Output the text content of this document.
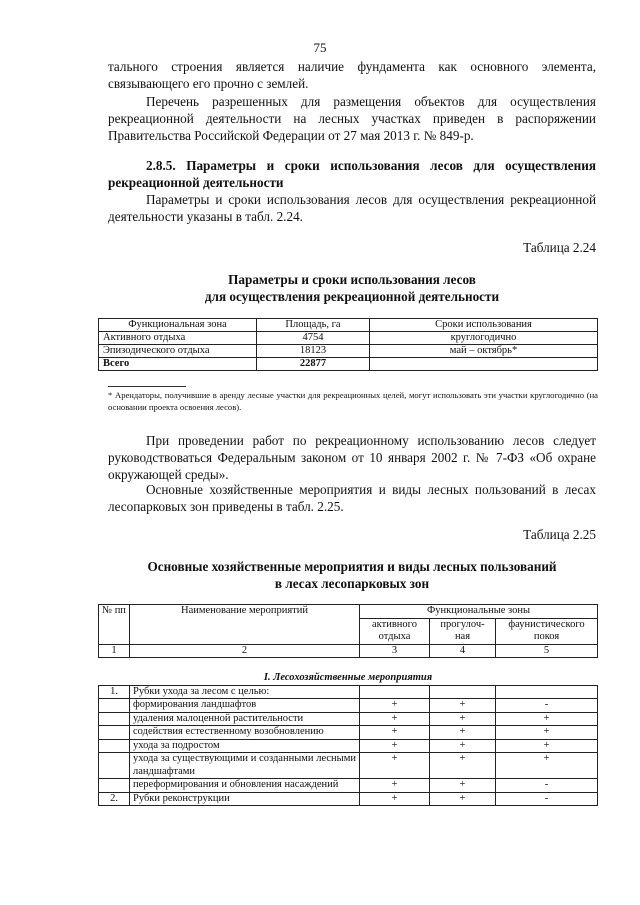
75

тального строения является наличие фундамента как основного элемента, связывающего его прочно с землей.

Перечень разрешенных для размещения объектов для осуществления рекреационной деятельности на лесных участках приведен в распоряжении Правительства Российской Федерации от 27 мая 2013 г. № 849-р.

2.8.5. Параметры и сроки использования лесов для осуществления рекреационной деятельности

Параметры и сроки использования лесов для осуществления рекреационной деятельности указаны в табл. 2.24.

Таблица 2.24

Параметры и сроки использования лесов

для осуществления рекреационной деятельности

Функциональная зона	Площадь, га	Сроки использования
Активного отдыха	4754	круглогодично
Эпизодического отдыха	18123	май – октябрь*
Всего	22877	

* Арендаторы, получившие в аренду лесные участки для рекреационных целей, могут использовать эти участки круглогодично (на основании проекта освоения лесов).

При проведении работ по рекреационному использованию лесов следует руководствоваться Федеральным законом от 10 января 2002 г. № 7-ФЗ «Об охране окружающей среды».

Основные хозяйственные мероприятия и виды лесных пользований в лесах лесопарковых зон приведены в табл. 2.25.

Таблица 2.25

Основные хозяйственные мероприятия и виды лесных пользований

в лесах лесопарковых зон

№ пп	Наименование мероприятий	Функциональные зоны		
		активного отдыха	прогулоч-ная	фаунистического покоя
1	2	3	4	5
I. Лесохозяйственные мероприятия				
1.	Рубки ухода за лесом с целью:			
	формирования ландшафтов	+	+	-
	удаления малоценной растительности	+	+	+
	содействия естественному возобновлению	+	+	+
	ухода за подростом	+	+	+
	ухода за существующими и созданными лесными ландшафтами	+	+	+
	переформирования и обновления насаждений	+	+	-
2.	Рубки реконструкции	+	+	-
